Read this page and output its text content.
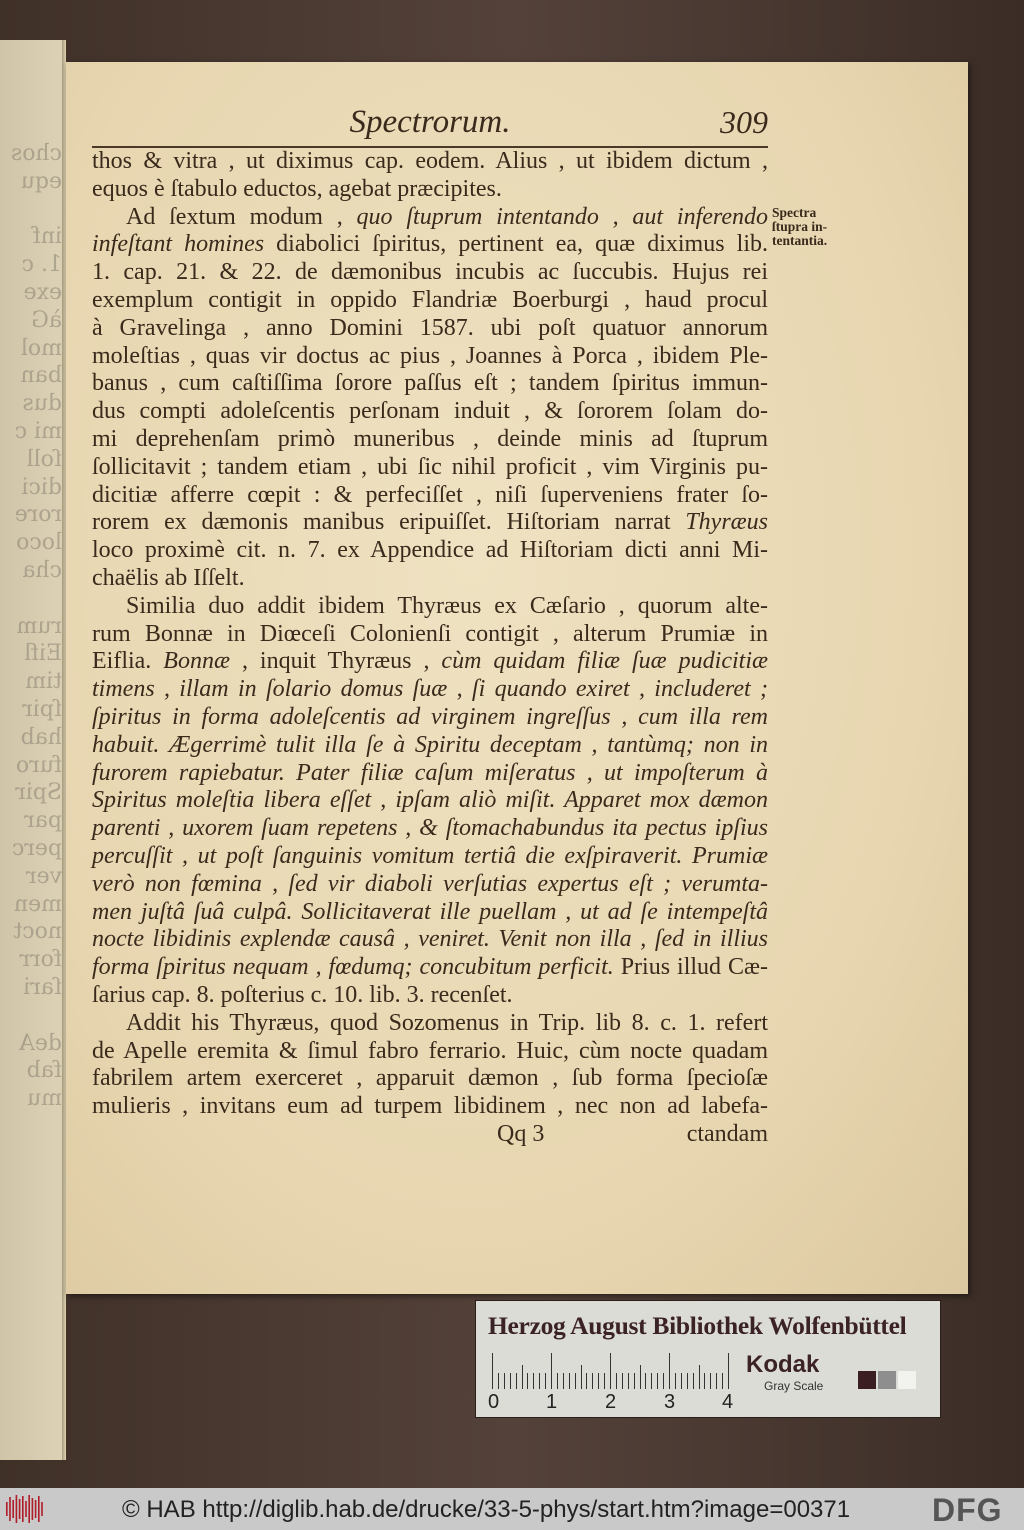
chos
equ
inf
1. c
exe
àG
mol
ban
dus
mi c
ſoll
dici
rore
loco
cha
rum
Eifl
tim
ſpir
hab
furo
Spir
par
perc
ver
men
noct
forr
ſari
deA
fab
mu
Spectrorum.	309
thos & vitra , ut diximus cap. eodem. Alius , ut ibidem dictum ,
equos è ſtabulo eductos, agebat præcipites.
Ad ſextum modum , quo ſtuprum intentando , aut inferendo
infeſtant homines diabolici ſpiritus, pertinent ea, quæ diximus lib.
1. cap. 21. & 22. de dæmonibus incubis ac ſuccubis. Hujus rei
exemplum contigit in oppido Flandriæ Boerburgi , haud procul
à Gravelinga , anno Domini 1587. ubi poſt quatuor annorum
moleſtias , quas vir doctus ac pius , Joannes à Porca , ibidem Ple-
banus , cum caſtiſſima ſorore paſſus eſt ; tandem ſpiritus immun-
dus compti adoleſcentis perſonam induit , & ſororem ſolam do-
mi deprehenſam primò muneribus , deinde minis ad ſtuprum
ſollicitavit ; tandem etiam , ubi ſic nihil proficit , vim Virginis pu-
dicitiæ afferre cœpit : & perfeciſſet , niſi ſuperveniens frater ſo-
rorem ex dæmonis manibus eripuiſſet. Hiſtoriam narrat Thyræus
loco proximè cit. n. 7. ex Appendice ad Hiſtoriam dicti anni Mi-
chaëlis ab Iſſelt.
Similia duo addit ibidem Thyræus ex Cæſario , quorum alte-
rum Bonnæ in Diœceſi Colonienſi contigit , alterum Prumiæ in
Eiflia. Bonnæ , inquit Thyræus , cùm quidam filiæ ſuæ pudicitiæ
timens , illam in ſolario domus ſuæ , ſi quando exiret , includeret ;
ſpiritus in forma adoleſcentis ad virginem ingreſſus , cum illa rem
habuit. Ægerrimè tulit illa ſe à Spiritu deceptam , tantùmq; non in
furorem rapiebatur. Pater filiæ caſum miſeratus , ut impoſterum à
Spiritus moleſtia libera eſſet , ipſam aliò miſit. Apparet mox dæmon
parenti , uxorem ſuam repetens , & ſtomachabundus ita pectus ipſius
percuſſit , ut poſt ſanguinis vomitum tertiâ die exſpiraverit. Prumiæ
verò non fœmina , ſed vir diaboli verſutias expertus eſt ; verumta-
men juſtâ ſuâ culpâ. Sollicitaverat ille puellam , ut ad ſe intempeſtâ
nocte libidinis explendæ causâ , veniret. Venit non illa , ſed in illius
forma ſpiritus nequam , fœdumq; concubitum perficit. Prius illud Cæ-
ſarius cap. 8. poſterius c. 10. lib. 3. recenſet.
Addit his Thyræus, quod Sozomenus in Trip. lib 8. c. 1. refert
de Apelle eremita & ſimul fabro ferrario. Huic, cùm nocte quadam
fabrilem artem exerceret , apparuit dæmon , ſub forma ſpecioſæ
mulieris , invitans eum ad turpem libidinem , nec non ad labefa-
Qq 3	ctandam
Spectra
ſtupra in-
tentantia.
Herzog August Bibliothek Wolfenbüttel
0 1 2 3 4
Kodak
Gray Scale
© HAB http://diglib.hab.de/drucke/33-5-phys/start.htm?image=00371	DFG
